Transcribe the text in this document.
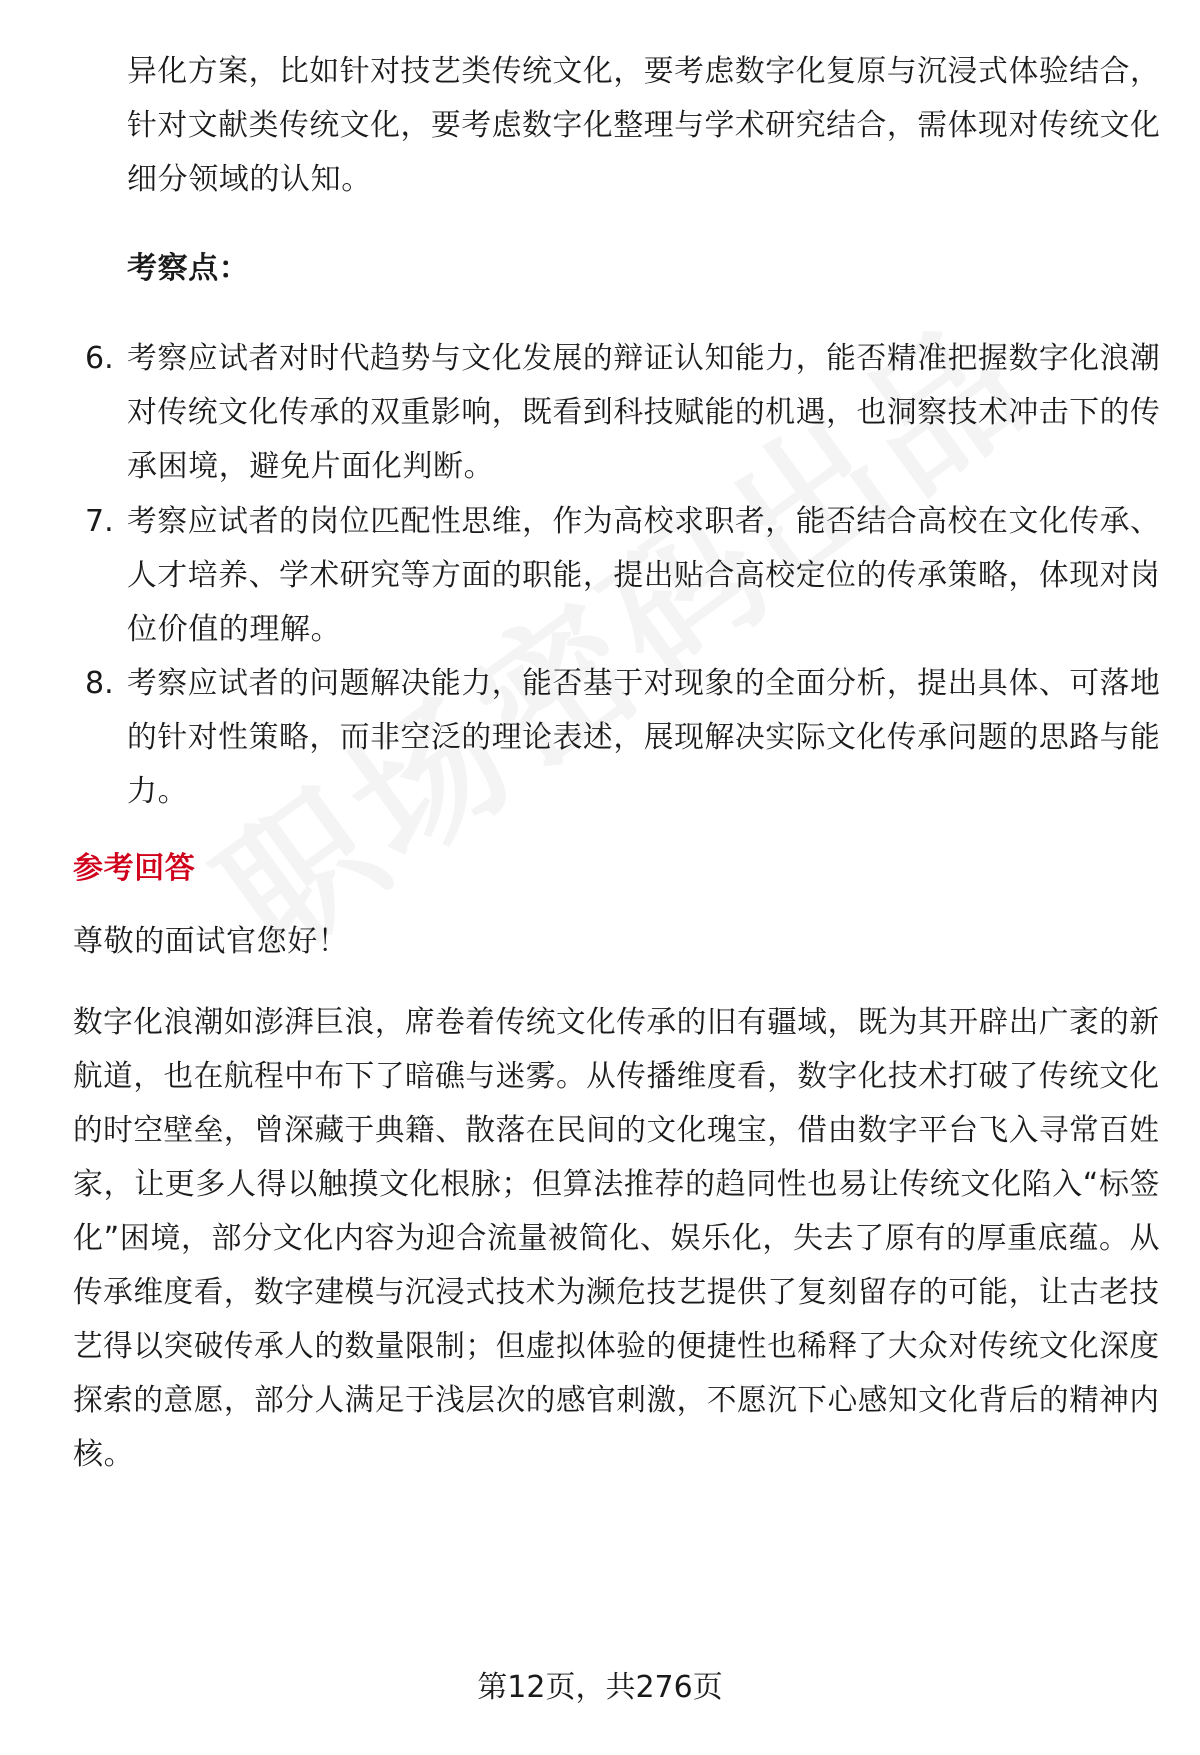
异化方案，比如针对技艺类传统文化，要考虑数字化复原与沉浸式体验结合，
针对文献类传统文化，要考虑数字化整理与学术研究结合，需体现对传统文化
细分领域的认知。
考察点：
6. 考察应试者对时代趋势与文化发展的辩证认知能力，能否精准把握数字化浪潮
对传统文化传承的双重影响，既看到科技赋能的机遇，也洞察技术冲击下的传
承困境，避免片面化判断。
7. 考察应试者的岗位匹配性思维，作为高校求职者，能否结合高校在文化传承、
人才培养、学术研究等方面的职能，提出贴合高校定位的传承策略，体现对岗
位价值的理解。
8. 考察应试者的问题解决能力，能否基于对现象的全面分析，提出具体、可落地
的针对性策略，而非空泛的理论表述，展现解决实际文化传承问题的思路与能
力。
参考回答
尊敬的面试官您好！
数字化浪潮如澎湃巨浪，席卷着传统文化传承的旧有疆域，既为其开辟出广袤的新
航道，也在航程中布下了暗礁与迷雾。从传播维度看，数字化技术打破了传统文化
的时空壁垒，曾深藏于典籍、散落在民间的文化瑰宝，借由数字平台飞入寻常百姓
家，让更多人得以触摸文化根脉；但算法推荐的趋同性也易让传统文化陷入“标签
化”困境，部分文化内容为迎合流量被简化、娱乐化，失去了原有的厚重底蕴。从
传承维度看，数字建模与沉浸式技术为濒危技艺提供了复刻留存的可能，让古老技
艺得以突破传承人的数量限制；但虚拟体验的便捷性也稀释了大众对传统文化深度
探索的意愿，部分人满足于浅层次的感官刺激，不愿沉下心感知文化背后的精神内
核。
第12页，共276页
